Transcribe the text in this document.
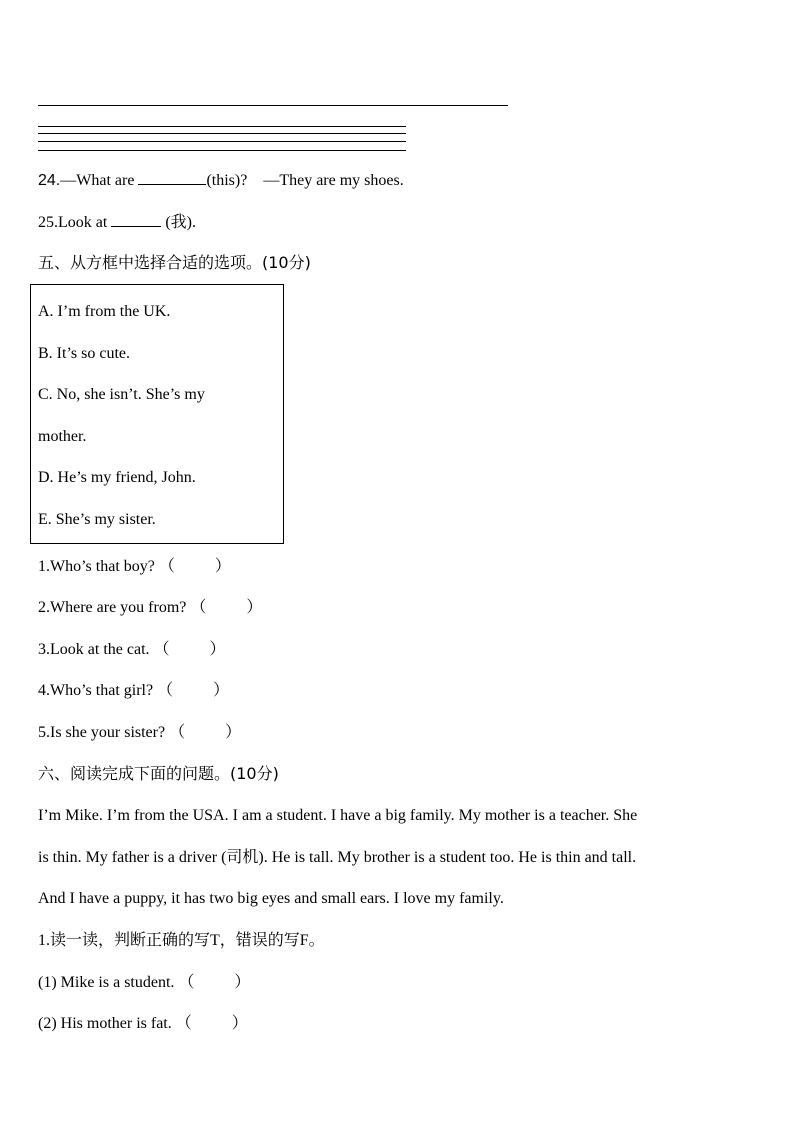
24.—What are	(this)?    —They are my shoes.
25.Look at	(我).
五、从方框中选择合适的选项。(10分)
A. I’m from the UK.
B. It’s so cute.
C. No, she isn’t. She’s my
mother.
D. He’s my friend, John.
E. She’s my sister.
1.Who’s that boy? （          ）
2.Where are you from? （          ）
3.Look at the cat. （          ）
4.Who’s that girl? （          ）
5.Is she your sister? （          ）
六、阅读完成下面的问题。(10分)
I’m Mike. I’m from the USA. I am a student. I have a big family. My mother is a teacher. She
is thin. My father is a driver (司机). He is tall. My brother is a student too. He is thin and tall.
And I have a puppy, it has two big eyes and small ears. I love my family.
1.读一读，判断正确的写T，错误的写F。
(1) Mike is a student. （          ）
(2) His mother is fat. （          ）
